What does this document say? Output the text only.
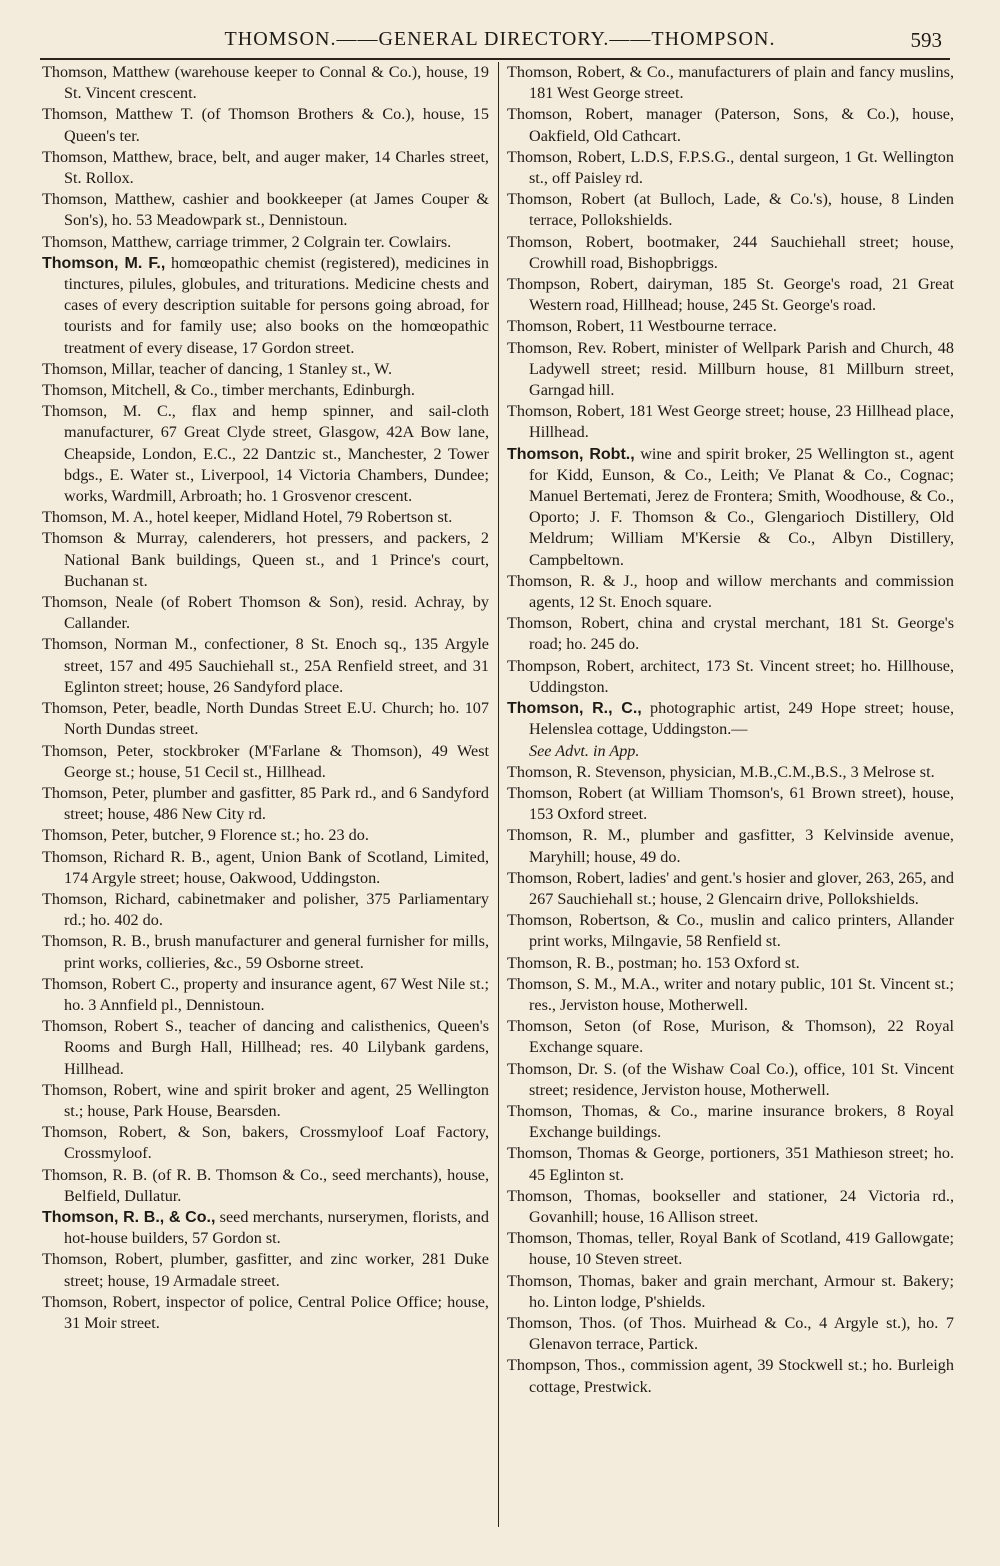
THOMSON.——GENERAL DIRECTORY.——THOMPSON.	593

Thomson, Matthew (warehouse keeper to Connal & Co.), house, 19 St. Vincent crescent.

Thomson, Matthew T. (of Thomson Brothers & Co.), house, 15 Queen's ter.

Thomson, Matthew, brace, belt, and auger maker, 14 Charles street, St. Rollox.

Thomson, Matthew, cashier and bookkeeper (at James Couper & Son's), ho. 53 Meadowpark st., Dennistoun.

Thomson, Matthew, carriage trimmer, 2 Colgrain ter. Cowlairs.

Thomson, M. F., homœopathic chemist (registered), medicines in tinctures, pilules, globules, and triturations. Medicine chests and cases of every description suitable for persons going abroad, for tourists and for family use; also books on the homœopathic treatment of every disease, 17 Gordon street.

Thomson, Millar, teacher of dancing, 1 Stanley st., W.

Thomson, Mitchell, & Co., timber merchants, Edinburgh.

Thomson, M. C., flax and hemp spinner, and sail-cloth manufacturer, 67 Great Clyde street, Glasgow, 42A Bow lane, Cheapside, London, E.C., 22 Dantzic st., Manchester, 2 Tower bdgs., E. Water st., Liverpool, 14 Victoria Chambers, Dundee; works, Wardmill, Arbroath; ho. 1 Grosvenor crescent.

Thomson, M. A., hotel keeper, Midland Hotel, 79 Robertson st.

Thomson & Murray, calenderers, hot pressers, and packers, 2 National Bank buildings, Queen st., and 1 Prince's court, Buchanan st.

Thomson, Neale (of Robert Thomson & Son), resid. Achray, by Callander.

Thomson, Norman M., confectioner, 8 St. Enoch sq., 135 Argyle street, 157 and 495 Sauchiehall st., 25A Renfield street, and 31 Eglinton street; house, 26 Sandyford place.

Thomson, Peter, beadle, North Dundas Street E.U. Church; ho. 107 North Dundas street.

Thomson, Peter, stockbroker (M'Farlane & Thomson), 49 West George st.; house, 51 Cecil st., Hillhead.

Thomson, Peter, plumber and gasfitter, 85 Park rd., and 6 Sandyford street; house, 486 New City rd.

Thomson, Peter, butcher, 9 Florence st.; ho. 23 do.

Thomson, Richard R. B., agent, Union Bank of Scotland, Limited, 174 Argyle street; house, Oakwood, Uddingston.

Thomson, Richard, cabinetmaker and polisher, 375 Parliamentary rd.; ho. 402 do.

Thomson, R. B., brush manufacturer and general furnisher for mills, print works, collieries, &c., 59 Osborne street.

Thomson, Robert C., property and insurance agent, 67 West Nile st.; ho. 3 Annfield pl., Dennistoun.

Thomson, Robert S., teacher of dancing and calisthenics, Queen's Rooms and Burgh Hall, Hillhead; res. 40 Lilybank gardens, Hillhead.

Thomson, Robert, wine and spirit broker and agent, 25 Wellington st.; house, Park House, Bearsden.

Thomson, Robert, & Son, bakers, Crossmyloof Loaf Factory, Crossmyloof.

Thomson, R. B. (of R. B. Thomson & Co., seed merchants), house, Belfield, Dullatur.

Thomson, R. B., & Co., seed merchants, nurserymen, florists, and hot-house builders, 57 Gordon st.

Thomson, Robert, plumber, gasfitter, and zinc worker, 281 Duke street; house, 19 Armadale street.

Thomson, Robert, inspector of police, Central Police Office; house, 31 Moir street.

Thomson, Robert, & Co., manufacturers of plain and fancy muslins, 181 West George street.

Thomson, Robert, manager (Paterson, Sons, & Co.), house, Oakfield, Old Cathcart.

Thomson, Robert, L.D.S, F.P.S.G., dental surgeon, 1 Gt. Wellington st., off Paisley rd.

Thomson, Robert (at Bulloch, Lade, & Co.'s), house, 8 Linden terrace, Pollokshields.

Thomson, Robert, bootmaker, 244 Sauchiehall street; house, Crowhill road, Bishopbriggs.

Thompson, Robert, dairyman, 185 St. George's road, 21 Great Western road, Hillhead; house, 245 St. George's road.

Thomson, Robert, 11 Westbourne terrace.

Thomson, Rev. Robert, minister of Wellpark Parish and Church, 48 Ladywell street; resid. Millburn house, 81 Millburn street, Garngad hill.

Thomson, Robert, 181 West George street; house, 23 Hillhead place, Hillhead.

Thomson, Robt., wine and spirit broker, 25 Wellington st., agent for Kidd, Eunson, & Co., Leith; Ve Planat & Co., Cognac; Manuel Bertemati, Jerez de Frontera; Smith, Woodhouse, & Co., Oporto; J. F. Thomson & Co., Glengarioch Distillery, Old Meldrum; William M'Kersie & Co., Albyn Distillery, Campbeltown.

Thomson, R. & J., hoop and willow merchants and commission agents, 12 St. Enoch square.

Thomson, Robert, china and crystal merchant, 181 St. George's road; ho. 245 do.

Thompson, Robert, architect, 173 St. Vincent street; ho. Hillhouse, Uddingston.

Thomson, R., C., photographic artist, 249 Hope street; house, Helenslea cottage, Uddingston.—
See Advt. in App.

Thomson, R. Stevenson, physician, M.B.,C.M.,B.S., 3 Melrose st.

Thomson, Robert (at William Thomson's, 61 Brown street), house, 153 Oxford street.

Thomson, R. M., plumber and gasfitter, 3 Kelvinside avenue, Maryhill; house, 49 do.

Thomson, Robert, ladies' and gent.'s hosier and glover, 263, 265, and 267 Sauchiehall st.; house, 2 Glencairn drive, Pollokshields.

Thomson, Robertson, & Co., muslin and calico printers, Allander print works, Milngavie, 58 Renfield st.

Thomson, R. B., postman; ho. 153 Oxford st.

Thomson, S. M., M.A., writer and notary public, 101 St. Vincent st.; res., Jerviston house, Motherwell.

Thomson, Seton (of Rose, Murison, & Thomson), 22 Royal Exchange square.

Thomson, Dr. S. (of the Wishaw Coal Co.), office, 101 St. Vincent street; residence, Jerviston house, Motherwell.

Thomson, Thomas, & Co., marine insurance brokers, 8 Royal Exchange buildings.

Thomson, Thomas & George, portioners, 351 Mathieson street; ho. 45 Eglinton st.

Thomson, Thomas, bookseller and stationer, 24 Victoria rd., Govanhill; house, 16 Allison street.

Thomson, Thomas, teller, Royal Bank of Scotland, 419 Gallowgate; house, 10 Steven street.

Thomson, Thomas, baker and grain merchant, Armour st. Bakery; ho. Linton lodge, P'shields.

Thomson, Thos. (of Thos. Muirhead & Co., 4 Argyle st.), ho. 7 Glenavon terrace, Partick.

Thompson, Thos., commission agent, 39 Stockwell st.; ho. Burleigh cottage, Prestwick.
